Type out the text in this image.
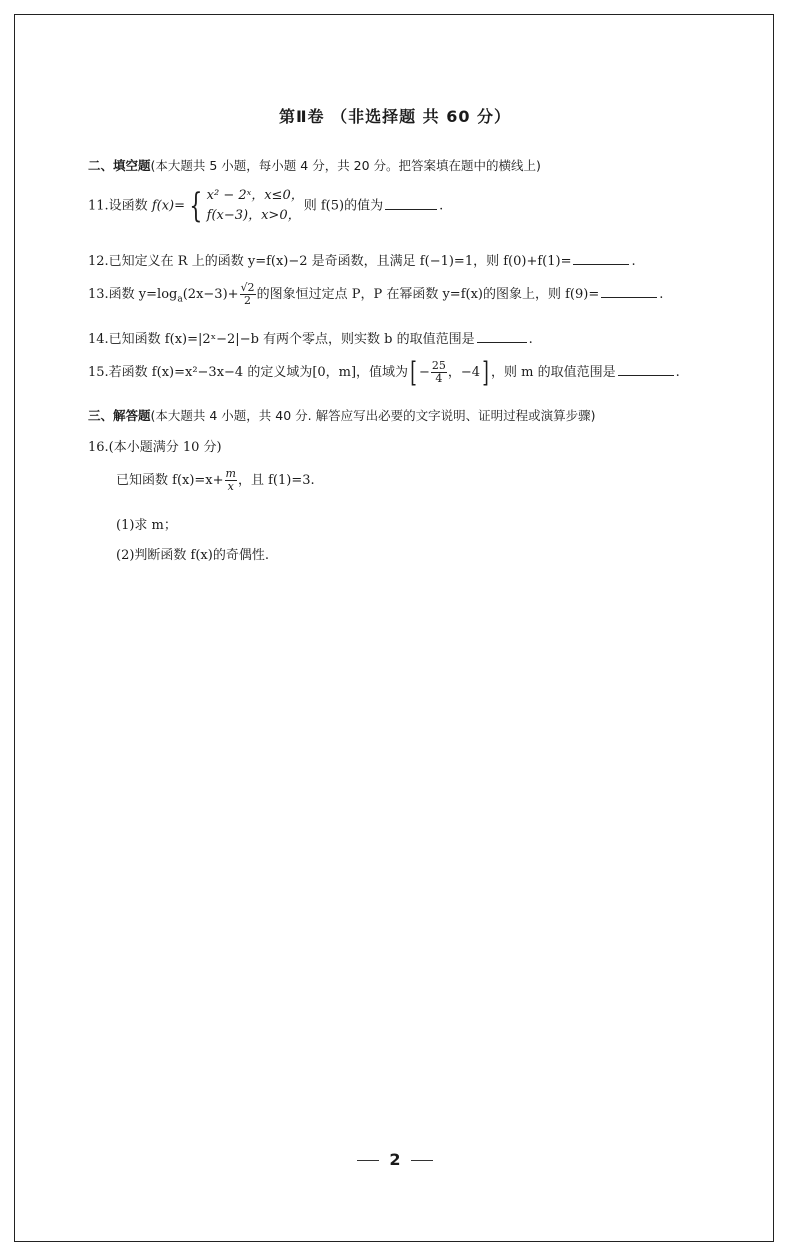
第Ⅱ卷 （非选择题 共 60 分）
二、填空题(本大题共 5 小题，每小题 4 分，共 20 分。把答案填在题中的横线上)
11.设函数 f(x)= { x² − 2ˣ，x≤0，
f(x−3)，x>0，
则 f(5)的值为	.
12.已知定义在 R 上的函数 y=f(x)−2 是奇函数，且满足 f(−1)=1，则 f(0)+f(1)=	.
13.函数 $y=\log_a(2x-3)+ \frac{√2}{2}$ 的图象恒过定点 P，P 在幂函数 y=f(x)的图象上，则 f(9)=	.
14.已知函数 f(x)=|2ˣ−2|−b 有两个零点，则实数 b 的取值范围是	.
15.若函数 f(x)=x²−3x−4 的定义域为[0，m]，值域为[ − $\frac{25}{4}$ ，−4] ，则 m 的取值范围是	.
三、解答题(本大题共 4 小题，共 40 分. 解答应写出必要的文字说明、证明过程或演算步骤)
16.(本小题满分 10 分)
已知函数 $f(x)=x+ \frac{m}{x}$ ，且 f(1)=3.
(1)求 m；
(2)判断函数 f(x)的奇偶性.
2
